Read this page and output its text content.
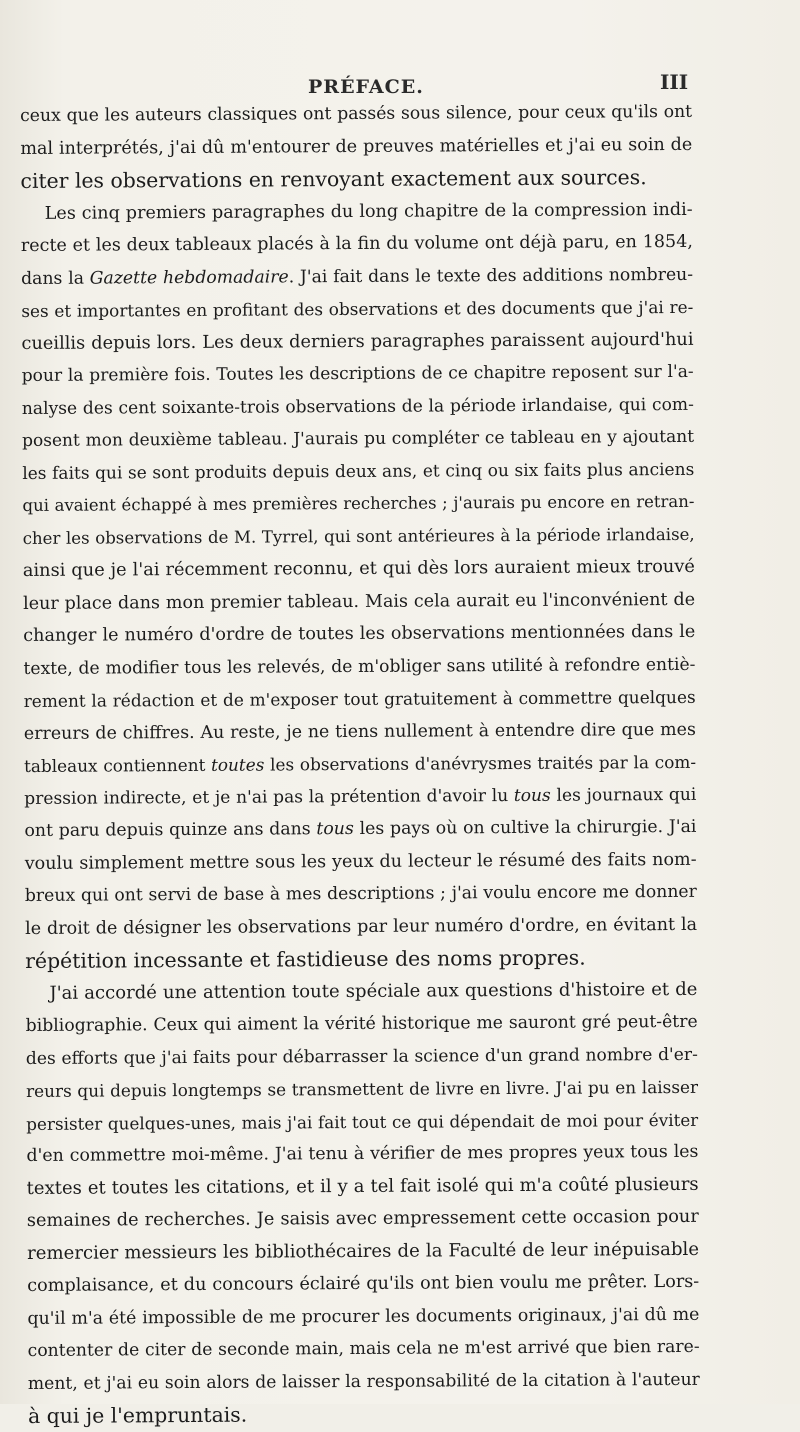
PRÉFACE.	III
ceux que les auteurs classiques ont passés sous silence, pour ceux qu'ils ont
mal interprétés, j'ai dû m'entourer de preuves matérielles et j'ai eu soin de
citer les observations en renvoyant exactement aux sources.
Les cinq premiers paragraphes du long chapitre de la compression indi-
recte et les deux tableaux placés à la fin du volume ont déjà paru, en 1854,
dans la Gazette hebdomadaire. J'ai fait dans le texte des additions nombreu-
ses et importantes en profitant des observations et des documents que j'ai re-
cueillis depuis lors. Les deux derniers paragraphes paraissent aujourd'hui
pour la première fois. Toutes les descriptions de ce chapitre reposent sur l'a-
nalyse des cent soixante-trois observations de la période irlandaise, qui com-
posent mon deuxième tableau. J'aurais pu compléter ce tableau en y ajoutant
les faits qui se sont produits depuis deux ans, et cinq ou six faits plus anciens
qui avaient échappé à mes premières recherches ; j'aurais pu encore en retran-
cher les observations de M. Tyrrel, qui sont antérieures à la période irlandaise,
ainsi que je l'ai récemment reconnu, et qui dès lors auraient mieux trouvé
leur place dans mon premier tableau. Mais cela aurait eu l'inconvénient de
changer le numéro d'ordre de toutes les observations mentionnées dans le
texte, de modifier tous les relevés, de m'obliger sans utilité à refondre entiè-
rement la rédaction et de m'exposer tout gratuitement à commettre quelques
erreurs de chiffres. Au reste, je ne tiens nullement à entendre dire que mes
tableaux contiennent toutes les observations d'anévrysmes traités par la com-
pression indirecte, et je n'ai pas la prétention d'avoir lu tous les journaux qui
ont paru depuis quinze ans dans tous les pays où on cultive la chirurgie. J'ai
voulu simplement mettre sous les yeux du lecteur le résumé des faits nom-
breux qui ont servi de base à mes descriptions ; j'ai voulu encore me donner
le droit de désigner les observations par leur numéro d'ordre, en évitant la
répétition incessante et fastidieuse des noms propres.
J'ai accordé une attention toute spéciale aux questions d'histoire et de
bibliographie. Ceux qui aiment la vérité historique me sauront gré peut-être
des efforts que j'ai faits pour débarrasser la science d'un grand nombre d'er-
reurs qui depuis longtemps se transmettent de livre en livre. J'ai pu en laisser
persister quelques-unes, mais j'ai fait tout ce qui dépendait de moi pour éviter
d'en commettre moi-même. J'ai tenu à vérifier de mes propres yeux tous les
textes et toutes les citations, et il y a tel fait isolé qui m'a coûté plusieurs
semaines de recherches. Je saisis avec empressement cette occasion pour
remercier messieurs les bibliothécaires de la Faculté de leur inépuisable
complaisance, et du concours éclairé qu'ils ont bien voulu me prêter. Lors-
qu'il m'a été impossible de me procurer les documents originaux, j'ai dû me
contenter de citer de seconde main, mais cela ne m'est arrivé que bien rare-
ment, et j'ai eu soin alors de laisser la responsabilité de la citation à l'auteur
à qui je l'empruntais.
